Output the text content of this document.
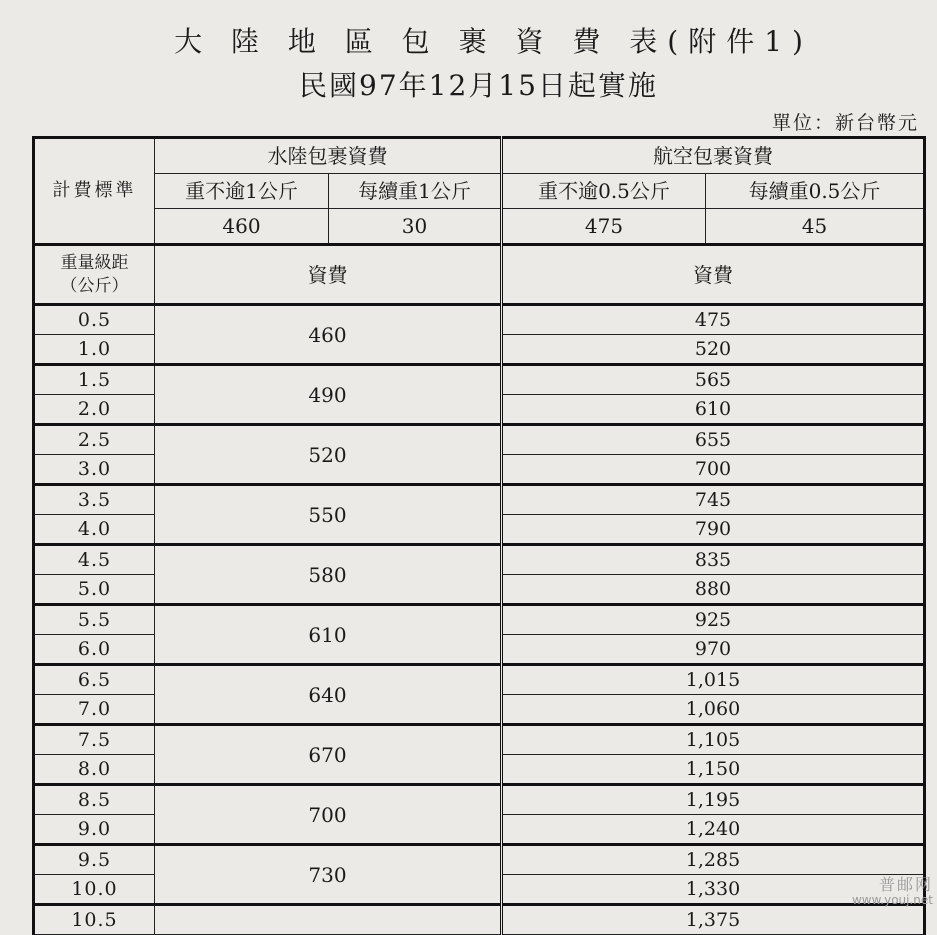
大 陸 地 區 包 裹 資 費 表(附件1)
民國97年12月15日起實施
單位：新台幣元
計費標準	水陸包裹資費		航空包裹資費	
	重不逾1公斤	每續重1公斤	重不逾0.5公斤	每續重0.5公斤
	460	30	475	45

重量級距
（公斤）	資費		資費	
0.5	460		475	
1.0			520	
1.5	490		565	
2.0			610	
2.5	520		655	
3.0			700	
3.5	550		745	
4.0			790	
4.5	580		835	
5.0			880	
5.5	610		925	
6.0			970	
6.5	640		1,015	
7.0			1,060	
7.5	670		1,105	
8.0			1,150	
8.5	700		1,195	
9.0			1,240	
9.5	730		1,285	
10.0			1,330	
10.5			1,375	
普邮网
www.youj.net
